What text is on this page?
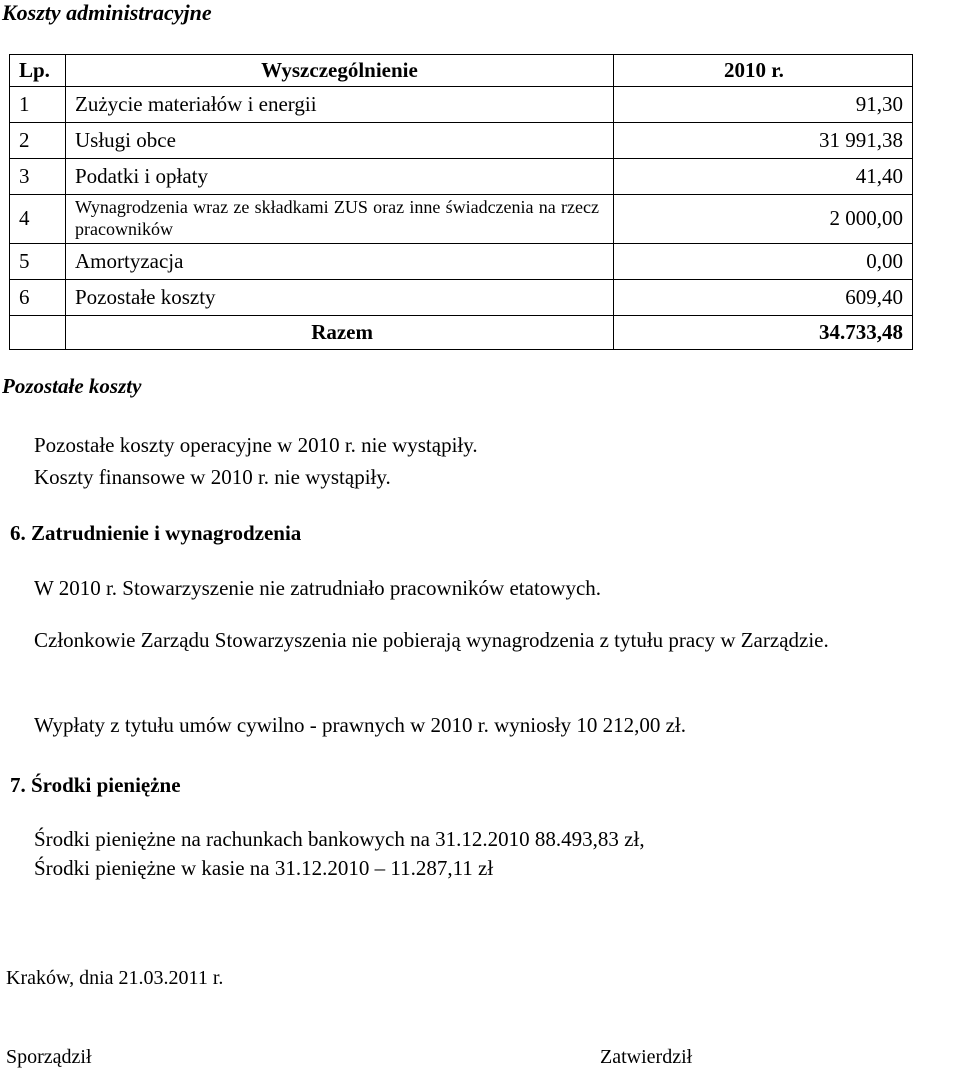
Koszty administracyjne
Lp.	Wyszczególnienie	2010 r.
1	Zużycie materiałów i energii	91,30
2	Usługi obce	31 991,38
3	Podatki i opłaty	41,40
4	Wynagrodzenia wraz ze składkami ZUS oraz inne świadczenia na rzecz pracowników	2 000,00
5	Amortyzacja	0,00
6	Pozostałe koszty	609,40
	Razem	34.733,48
Pozostałe koszty
Pozostałe koszty operacyjne w 2010 r. nie wystąpiły.
Koszty finansowe w 2010 r. nie wystąpiły.
6. Zatrudnienie i wynagrodzenia
W 2010 r. Stowarzyszenie nie zatrudniało pracowników etatowych.
Członkowie Zarządu Stowarzyszenia nie pobierają wynagrodzenia z tytułu pracy w Zarządzie.
Wypłaty z tytułu umów cywilno - prawnych w 2010 r. wyniosły 10 212,00 zł.
7. Środki pieniężne
Środki pieniężne na rachunkach bankowych na 31.12.2010 88.493,83 zł,
Środki pieniężne w kasie na 31.12.2010 – 11.287,11 zł
Kraków, dnia 21.03.2011 r.
Sporządził	Zatwierdził
